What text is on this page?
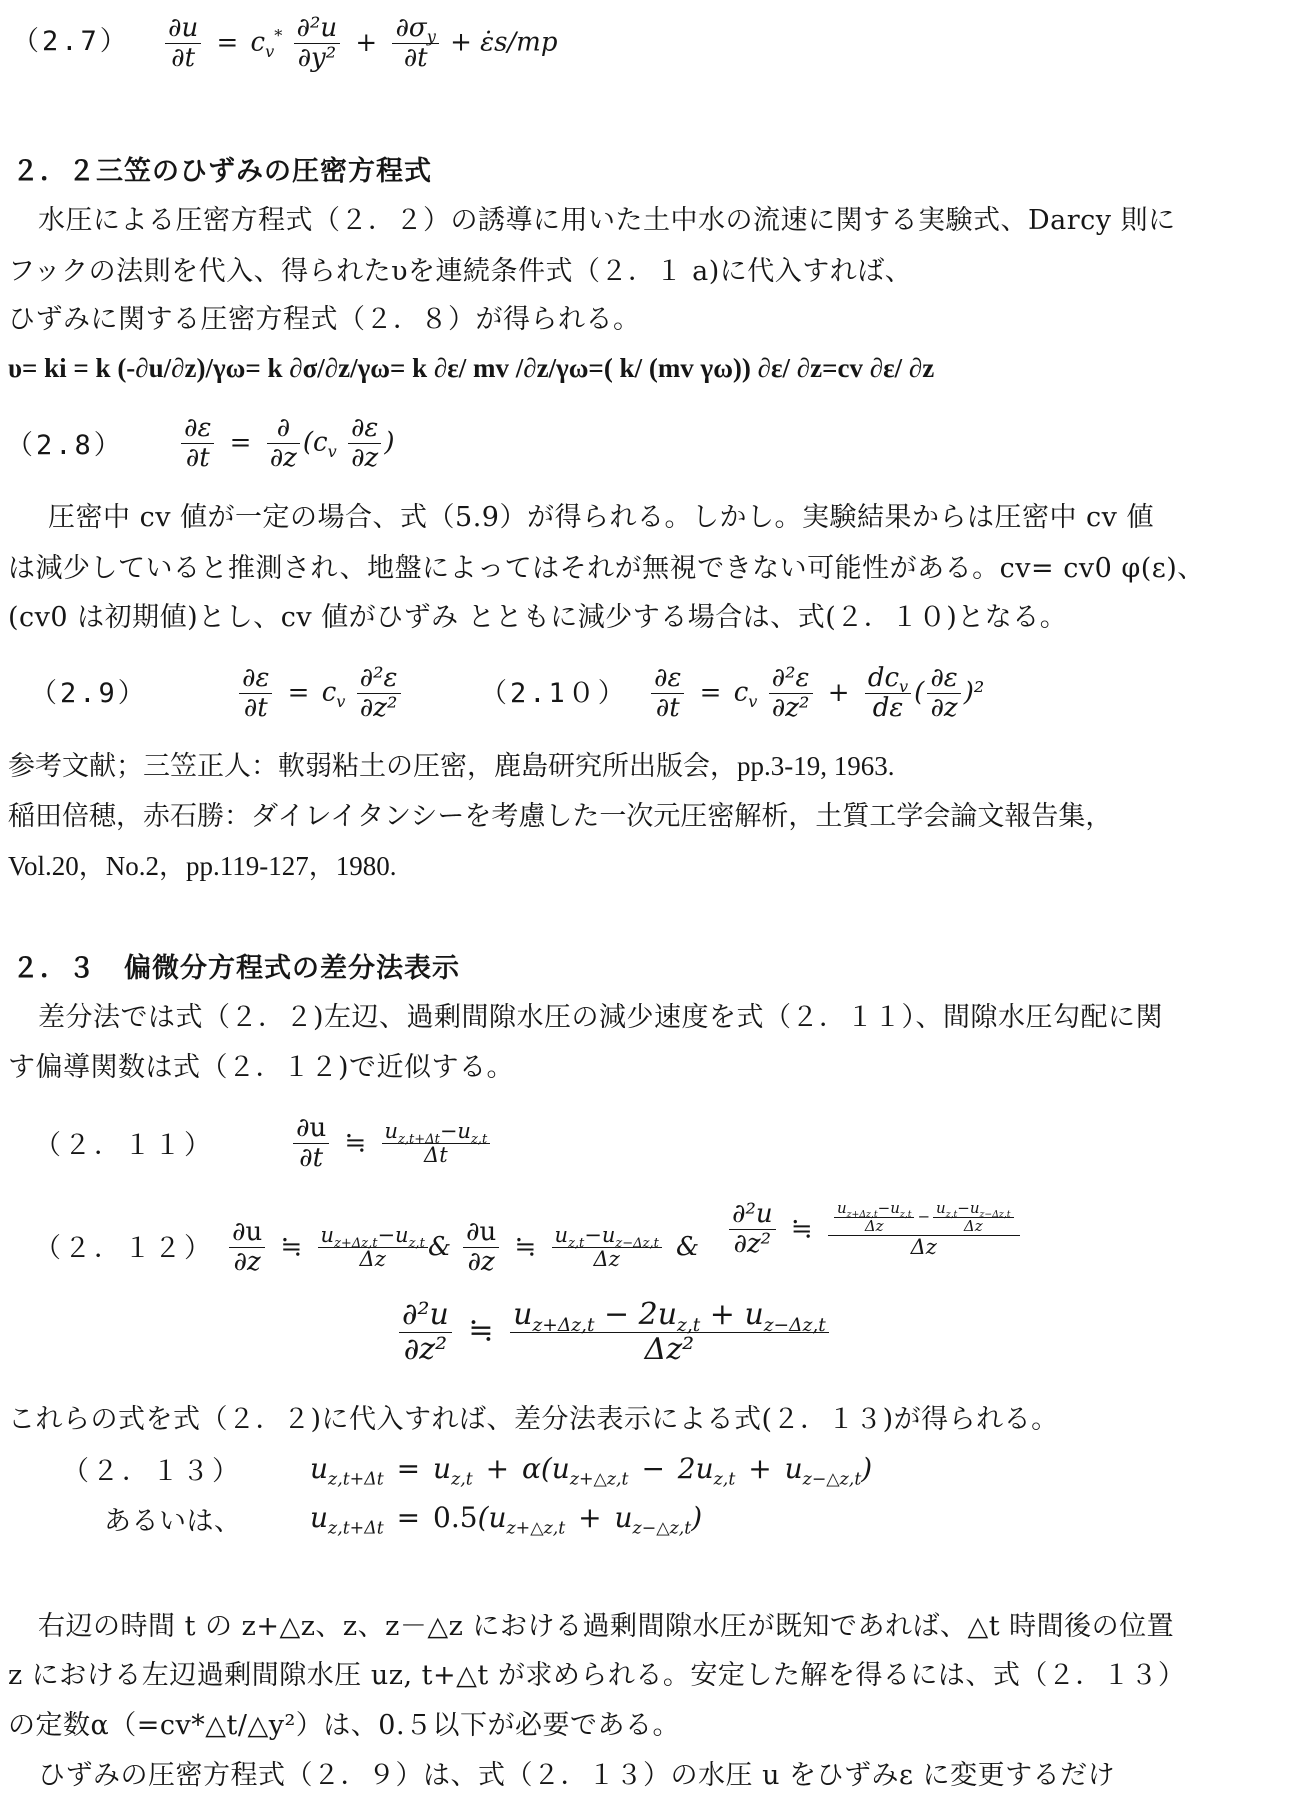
$(2.7) \frac{\partial u}{\partial t} = c_v^* \frac{\text{∂²u}}{\text{∂y²}} + \frac{\partial\sigma_y}{\partial t}$ + ε̇s/mp
２．２三笠のひずみの圧密方程式
水圧による圧密方程式（２．２）の誘導に用いた土中水の流速に関する実験式、Darcy 則に
フックの法則を代入、得られたυを連続条件式（２．１ a)に代入すれば、
ひずみに関する圧密方程式（２．８）が得られる。
υ= ki = k (-∂u/∂z)/γω= k ∂σ/∂z/γω= k ∂ε/ mv /∂z/γω=( k/ (mv γω)) ∂ε/ ∂z=cv ∂ε/ ∂z
$(2.8) \frac{\partial\varepsilon}{\partial t} = \frac{\partial}{\partial z} (c_v \frac{\partial\varepsilon}{\partial z}$ )
圧密中 cv 値が一定の場合、式（5.9）が得られる。しかし。実験結果からは圧密中 cv 値
は減少していると推測され、地盤によってはそれが無視できない可能性がある。cv= cv0 φ(ε)、
(cv0 は初期値)とし、cv 値がひずみ とともに減少する場合は、式(２．１０)となる。
（2.9）	$\frac{\partial\varepsilon}{\partial t} = c_v \frac{\text{∂²ε}}{\text{∂z²}}$	$(2.10) \frac{\partial\varepsilon}{\partial t} = c_v \frac{\text{∂²ε}}{\text{∂z²}} + \frac{dc_v}{d\varepsilon}$ ( $\frac{\partial\varepsilon}{\partial z} )^2$
参考文献；三笠正人：軟弱粘土の圧密，鹿島研究所出版会，pp.3-19, 1963.
稲田倍穂，赤石勝：ダイレイタンシーを考慮した一次元圧密解析，土質工学会論文報告集，
Vol.20，No.2，pp.119-127，1980.
２．３　偏微分方程式の差分法表示
差分法では式（２．２)左辺、過剰間隙水圧の減少速度を式（２．１１）、間隙水圧勾配に関
す偏導関数は式（２．１２)で近似する。
（２．１１）	$\frac{\partial u}{\partial t}$ ≒ $\frac{u_{z,t+\Delta t}-u_{z,t}}{\Delta t}$
（２．$12) \frac{\partial u}{\partial z}$ ≒ $\frac{u_{z+\Delta z,t}-u_{z,t}}{\Delta z}$ & $\frac{\partial u}{\partial z}$ ≒ $\frac{u_{z,t}-u_{z-\Delta z,t}}{\Delta z}$ & $\frac{\text{∂²u}}{\text{∂z²}}$ ≒ $\frac{\frac{u_{z+\Delta z,t}-u_{z,t}}{\Delta z} - \frac{u_{z,t}-u_{z-\Delta z,t}}{\Delta z}}{\Delta z}$
$\frac{\text{∂²u}}{\text{∂z²}}$ ≒ $\frac{u_{z+\Delta z,t} - 2u_{z,t} + u_{z-\Delta z,t}}{\text{Δz²}}$
これらの式を式（２．２)に代入すれば、差分法表示による式(２．１３)が得られる。
（２．１３） $u_{z,t+\Delta t} = u_{z,t} + \alpha(u_{z+\triangle z,t} - 2u_{z,t} + u_{z-\triangle z,t})$
あるいは、 $u_{z,t+\Delta t} = 0.5(u_{z+\triangle z,t} + u_{z-\triangle z,t})$
右辺の時間 t の z+△z、z、z－△z における過剰間隙水圧が既知であれば、△t 時間後の位置
z における左辺過剰間隙水圧 uz, t+△t が求められる。安定した解を得るには、式（２．１３）
の定数α（=cv*△t/△y²）は、0.５以下が必要である。
ひずみの圧密方程式（２．９）は、式（２．１３）の水圧 u をひずみε に変更するだけ
